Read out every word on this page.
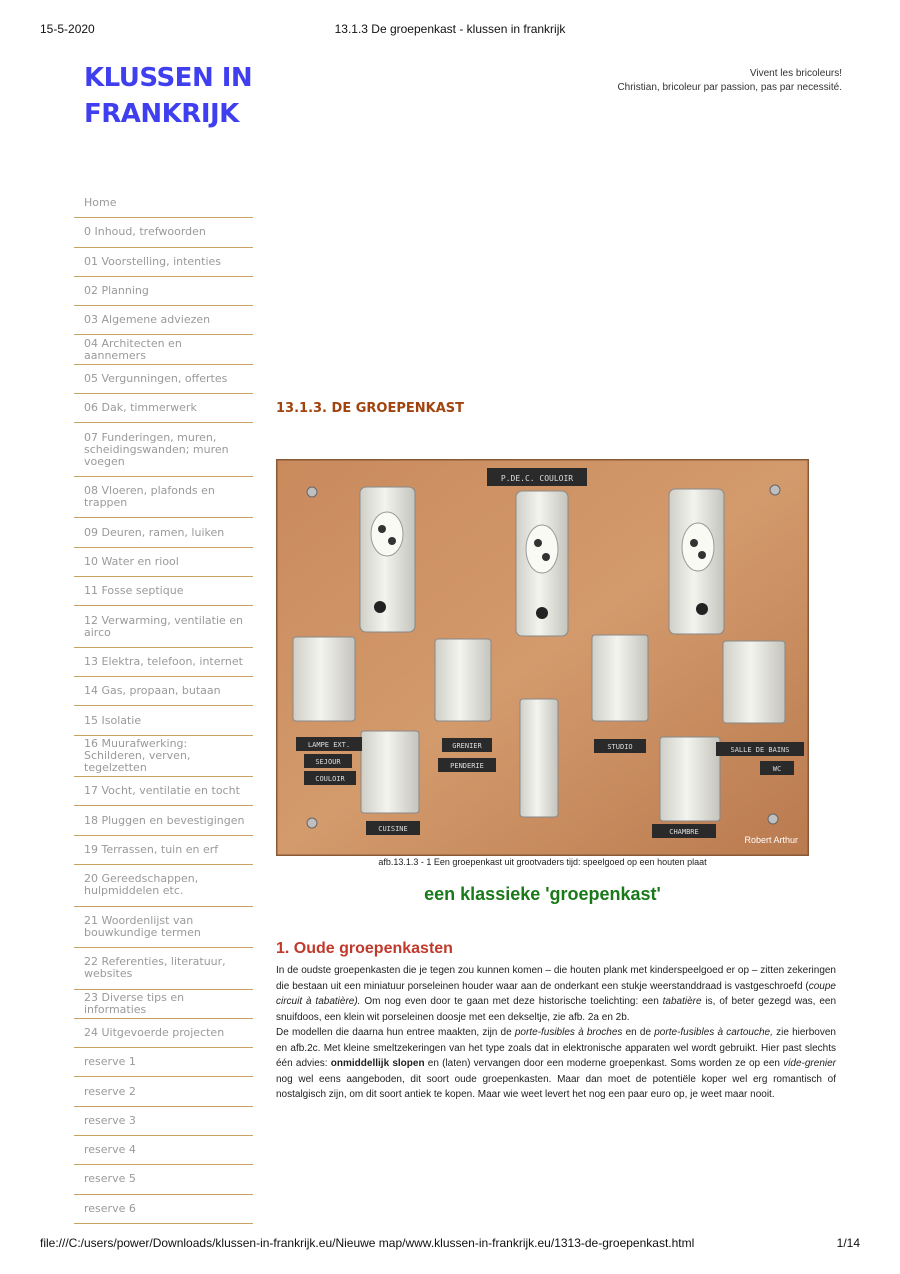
15-5-2020	13.1.3 De groepenkast - klussen in frankrijk
KLUSSEN IN
FRANKRIJK
Vivent les bricoleurs!
Christian, bricoleur par passion, pas par necessité.
Home
0 Inhoud, trefwoorden
01 Voorstelling, intenties
02 Planning
03 Algemene adviezen
04 Architecten en aannemers
05 Vergunningen, offertes
06 Dak, timmerwerk
07 Funderingen, muren, scheidingswanden; muren voegen
08 Vloeren, plafonds en trappen
09 Deuren, ramen, luiken
10 Water en riool
11 Fosse septique
12 Verwarming, ventilatie en airco
13 Elektra, telefoon, internet
14 Gas, propaan, butaan
15 Isolatie
16 Muurafwerking: Schilderen, verven, tegelzetten
17 Vocht, ventilatie en tocht
18 Pluggen en bevestigingen
19 Terrassen, tuin en erf
20 Gereedschappen, hulpmiddelen etc.
21 Woordenlijst van bouwkundige termen
22 Referenties, literatuur, websites
23 Diverse tips en informaties
24 Uitgevoerde projecten
reserve 1
reserve 2
reserve 3
reserve 4
reserve 5
reserve 6
13.1.3. DE GROEPENKAST
P.DE.C. COULOIR
LAMPE EXT.
SEJOUR
COULOIR
GRENIER
PENDERIE
STUDIO	SALLE DE BAINS
WC
CUISINE	CHAMBRE
Robert Arthur
afb.13.1.3 - 1 Een groepenkast uit grootvaders tijd: speelgoed op een houten plaat
een klassieke 'groepenkast'
1. Oude groepenkasten

In de oudste groepenkasten die je tegen zou kunnen komen – die houten plank met kinderspeelgoed er op – zitten zekeringen die bestaan uit een miniatuur porseleinen houder waar aan de onderkant een stukje weerstanddraad is vastgeschroefd (coupe circuit à tabatière). Om nog even door te gaan met deze historische toelichting: een tabatière is, of beter gezegd was, een snuifdoos, een klein wit porseleinen doosje met een dekseltje, zie afb. 2a en 2b.

De modellen die daarna hun entree maakten, zijn de porte-fusibles à broches en de porte-fusibles à cartouche, zie hierboven en afb.2c. Met kleine smeltzekeringen van het type zoals dat in elektronische apparaten wel wordt gebruikt. Hier past slechts één advies: onmiddellijk slopen en (laten) vervangen door een moderne groepenkast. Soms worden ze op een vide-grenier nog wel eens aangeboden, dit soort oude groepenkasten. Maar dan moet de potentiële koper wel erg romantisch of nostalgisch zijn, om dit soort antiek te kopen. Maar wie weet levert het nog een paar euro op, je weet maar nooit.

file:///C:/users/power/Downloads/klussen-in-frankrijk.eu/Nieuwe map/www.klussen-in-frankrijk.eu/1313-de-groepenkast.html	1/14
